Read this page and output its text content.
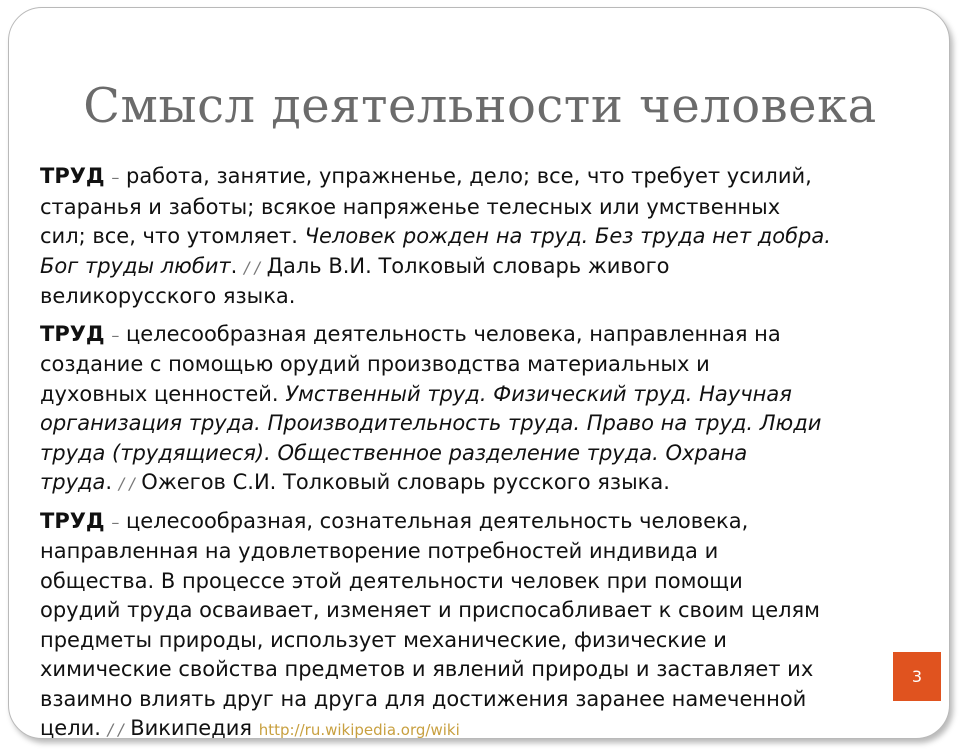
Смысл деятельности человека
ТРУД – работа, занятие, упражненье, дело; все, что требует усилий,
старанья и заботы; всякое напряженье телесных или умственных
сил; все, что утомляет. Человек рожден на труд. Без труда нет добра.
Бог труды любит. / / Даль В.И. Толковый словарь живого
великорусского языка.
ТРУД – целесообразная деятельность человека, направленная на
создание с помощью орудий производства материальных и
духовных ценностей. Умственный труд. Физический труд. Научная
организация труда. Производительность труда. Право на труд. Люди
труда (трудящиеся). Общественное разделение труда. Охрана
труда. / / Ожегов С.И. Толковый словарь русского языка.
ТРУД – целесообразная, сознательная деятельность человека,
направленная на удовлетворение потребностей индивида и
общества. В процессе этой деятельности человек при помощи
орудий труда осваивает, изменяет и приспосабливает к своим целям
предметы природы, использует механические, физические и
химические свойства предметов и явлений природы и заставляет их
взаимно влиять друг на друга для достижения заранее намеченной
цели. / / Википедия http://ru.wikipedia.org/wiki
3
